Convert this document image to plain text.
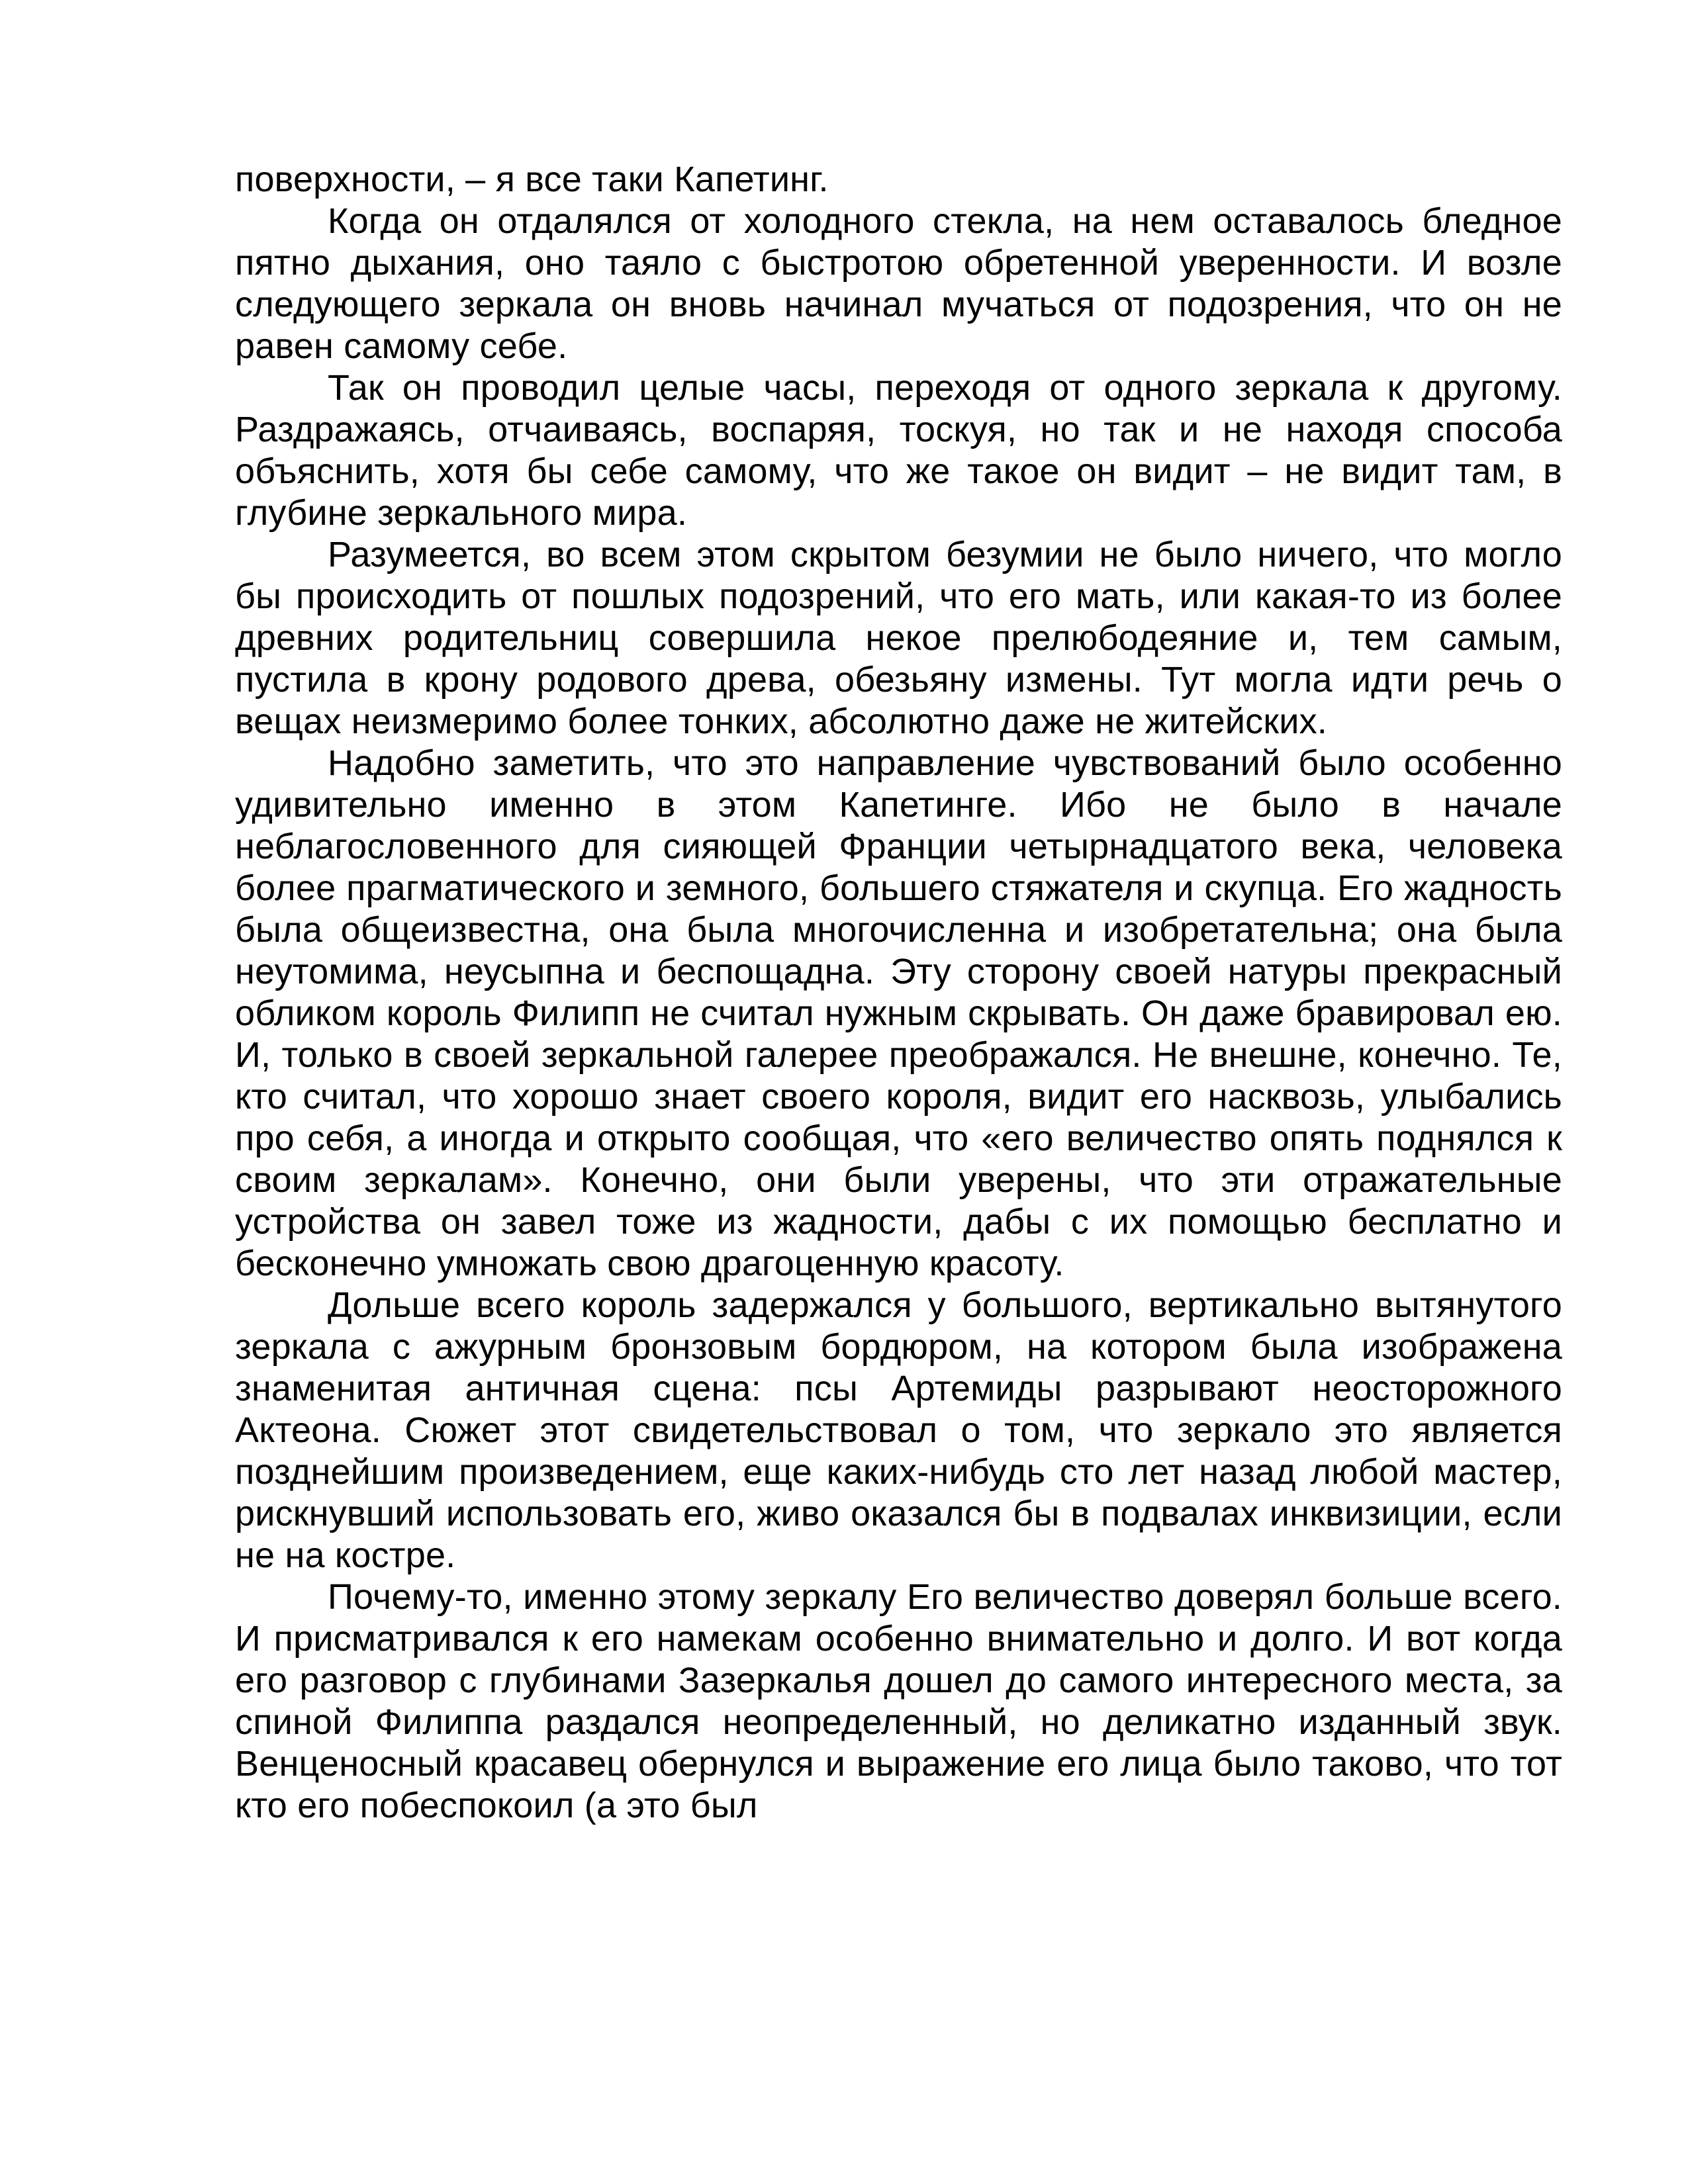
поверхности, – я все таки Капетинг.

Когда он отдалялся от холодного стекла, на нем оставалось бледное пятно дыхания, оно таяло с быстротою обретенной уверенности. И возле следующего зеркала он вновь начинал мучаться от подозрения, что он не равен самому себе.

Так он проводил целые часы, переходя от одного зеркала к другому. Раздражаясь, отчаиваясь, воспаряя, тоскуя, но так и не находя способа объяснить, хотя бы себе самому, что же такое он видит – не видит там, в глубине зеркального мира.

Разумеется, во всем этом скрытом безумии не было ничего, что могло бы происходить от пошлых подозрений, что его мать, или какая-то из более древних родительниц совершила некое прелюбодеяние и, тем самым, пустила в крону родового древа, обезьяну измены. Тут могла идти речь о вещах неизмеримо более тонких, абсолютно даже не житейских.

Надобно заметить, что это направление чувствований было особенно удивительно именно в этом Капетинге. Ибо не было в начале неблагословенного для сияющей Франции четырнадцатого века, человека более прагматического и земного, большего стяжателя и скупца. Его жадность была общеизвестна, она была многочисленна и изобретательна; она была неутомима, неусыпна и беспощадна. Эту сторону своей натуры прекрасный обликом король Филипп не считал нужным скрывать. Он даже бравировал ею. И, только в своей зеркальной галерее преображался. Не внешне, конечно. Те, кто считал, что хорошо знает своего короля, видит его насквозь, улыбались про себя, а иногда и открыто сообщая, что «его величество опять поднялся к своим зеркалам». Конечно, они были уверены, что эти отражательные устройства он завел тоже из жадности, дабы с их помощью бесплатно и бесконечно умножать свою драгоценную красоту.

Дольше всего король задержался у большого, вертикально вытянутого зеркала с ажурным бронзовым бордюром, на котором была изображена знаменитая античная сцена: псы Артемиды разрывают неосторожного Актеона. Сюжет этот свидетельствовал о том, что зеркало это является позднейшим произведением, еще каких-нибудь сто лет назад любой мастер, рискнувший использовать его, живо оказался бы в подвалах инквизиции, если не на костре.

Почему-то, именно этому зеркалу Его величество доверял больше всего. И присматривался к его намекам особенно внимательно и долго. И вот когда его разговор с глубинами Зазеркалья дошел до самого интересного места, за спиной Филиппа раздался неопределенный, но деликатно изданный звук. Венценосный красавец обернулся и выражение его лица было таково, что тот кто его побеспокоил (а это был
